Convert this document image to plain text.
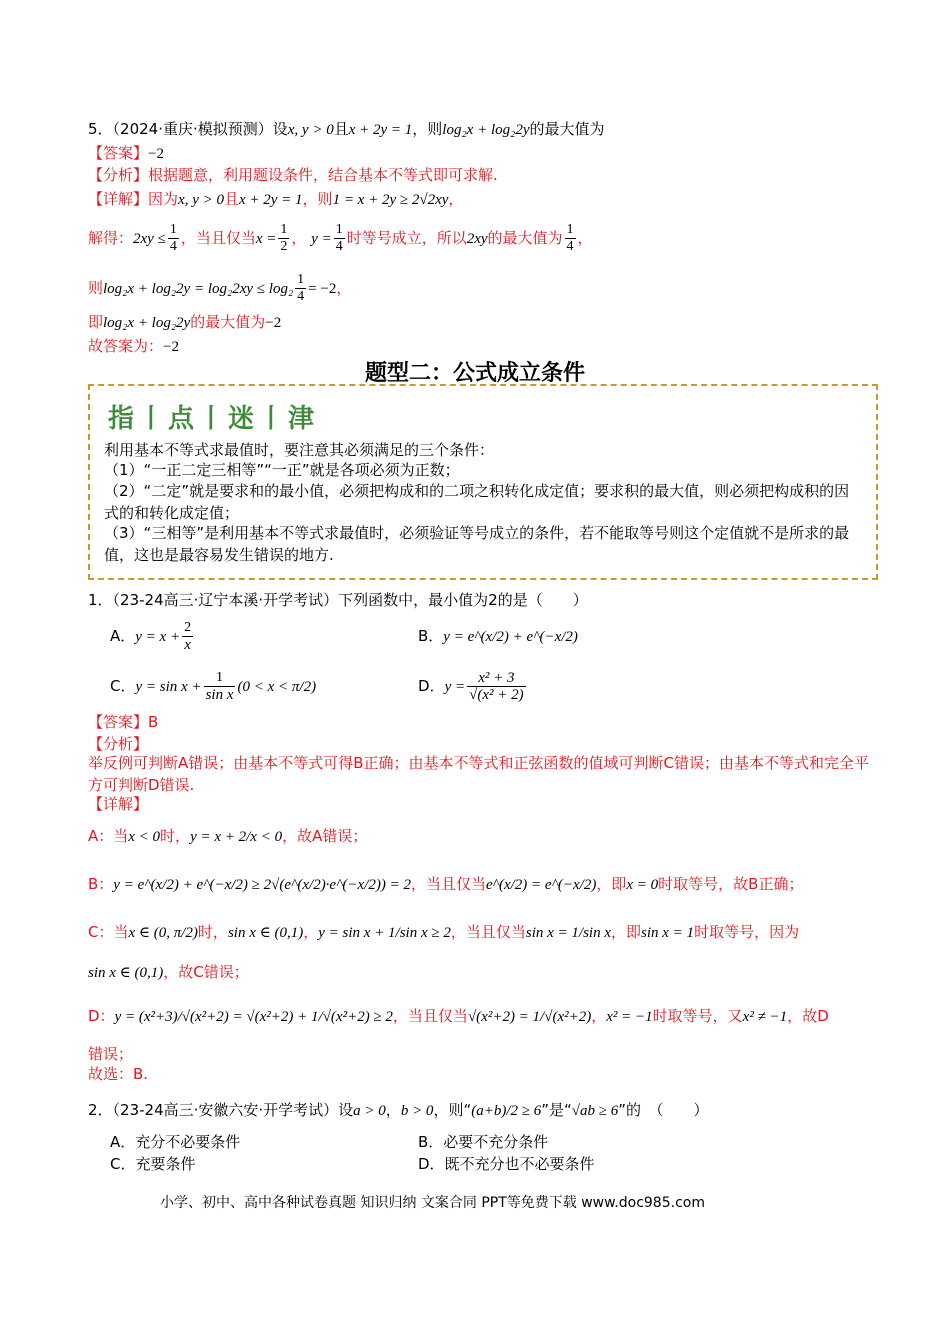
5．（2024·重庆·模拟预测）设x, y > 0且x + 2y = 1，则log₂x + log₂2y的最大值为
【答案】−2
【分析】根据题意，利用题设条件，结合基本不等式即可求解.
【详解】因为x, y > 0且x + 2y = 1，则1 = x + 2y ≥ 2√2xy，
解得：$2xy \le \frac{1}{4}$ ，当且仅当$x = \frac{1}{2}$ ， $y = \frac{1}{4}$ 时等号成立，所以2xy的最大值为 $\frac{1}{4}$ ，
则$\log_2x + \log_22y = \log_22xy \le \log_2 \frac{1}{4} = -2$，
即log₂x + log₂2y的最大值为−2
故答案为：−2
题型二：公式成立条件
指丨点丨迷丨津
利用基本不等式求最值时，要注意其必须满足的三个条件：
（1）“一正二定三相等”“一正”就是各项必须为正数；
（2）“二定”就是要求和的最小值，必须把构成和的二项之积转化成定值；要求积的最大值，则必须把构成积的因式的和转化成定值；
（3）“三相等”是利用基本不等式求最值时，必须验证等号成立的条件，若不能取等号则这个定值就不是所求的最值，这也是最容易发生错误的地方.
1．（23-24高三·辽宁本溪·开学考试）下列函数中，最小值为2的是（　　）
A．$y = x + \frac{2}{x}$	B．y = e^(x/2) + e^(−x/2)
C．$y = \sin x + \frac{1}{\text{sin x}} (0 < x < \pi/2)$	D．$y = \frac{\text{x² + 3}}{\text{√(x² + 2)}}$
【答案】B
【分析】
举反例可判断A错误；由基本不等式可得B正确；由基本不等式和正弦函数的值域可判断C错误；由基本不等式和完全平方可判断D错误.
【详解】
A：当x < 0时，y = x + 2/x < 0，故A错误；
B：y = e^(x/2) + e^(−x/2) ≥ 2√(e^(x/2)·e^(−x/2)) = 2，当且仅当e^(x/2) = e^(−x/2)，即x = 0时取等号，故B正确；
C：当x ∈ (0, π/2)时，sin x ∈ (0,1)，y = sin x + 1/sin x ≥ 2，当且仅当sin x = 1/sin x，即sin x = 1时取等号，因为
sin x ∈ (0,1)，故C错误；
D：y = (x²+3)/√(x²+2) = √(x²+2) + 1/√(x²+2) ≥ 2，当且仅当√(x²+2) = 1/√(x²+2)，x² = −1时取等号，又x² ≠ −1，故D
错误；
故选：B.
2．（23-24高三·安徽六安·开学考试）设a > 0，b > 0，则“(a+b)/2 ≥ 6”是“√ab ≥ 6”的　（　　）
A．充分不必要条件	B．必要不充分条件
C．充要条件	D．既不充分也不必要条件
小学、初中、高中各种试卷真题 知识归纳 文案合同 PPT等免费下载 www.doc985.com
